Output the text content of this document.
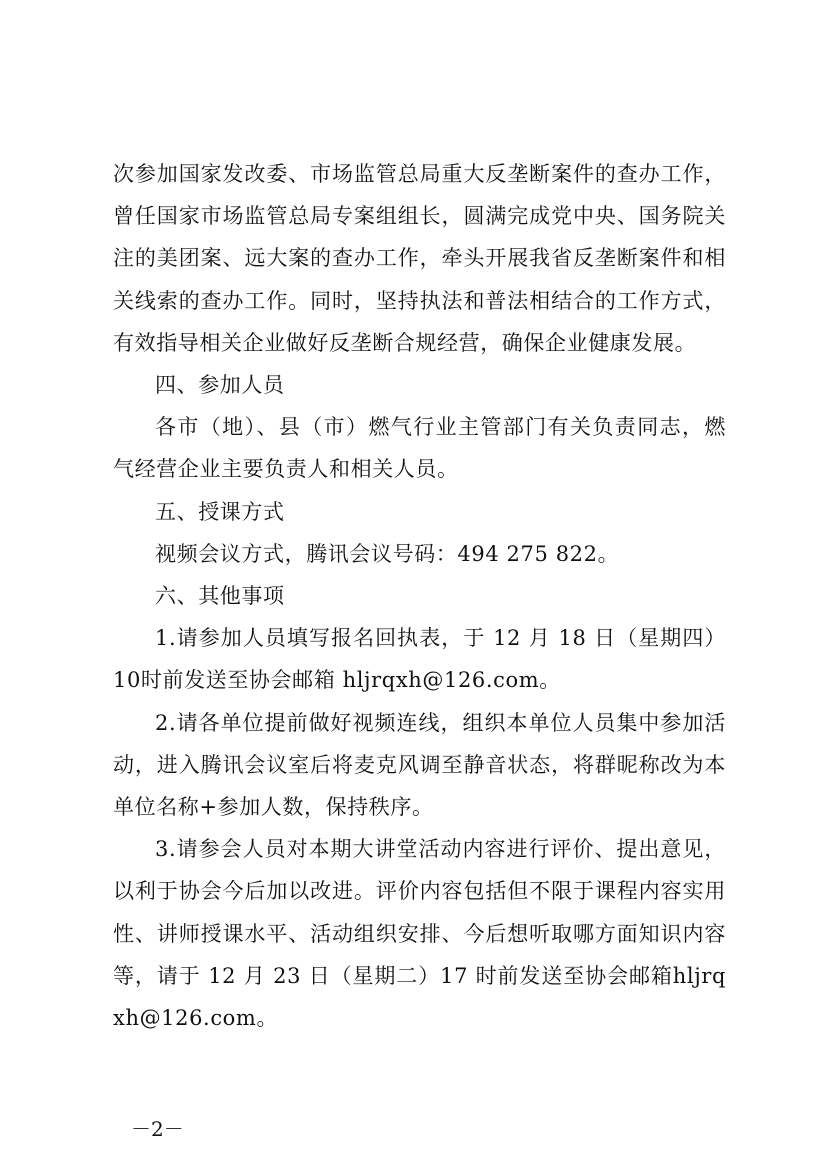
次参加国家发改委、市场监管总局重大反垄断案件的查办工作，曾任国家市场监管总局专案组组长，圆满完成党中央、国务院关注的美团案、远大案的查办工作，牵头开展我省反垄断案件和相关线索的查办工作。同时，坚持执法和普法相结合的工作方式，有效指导相关企业做好反垄断合规经营，确保企业健康发展。

四、参加人员

各市（地）、县（市）燃气行业主管部门有关负责同志，燃气经营企业主要负责人和相关人员。

五、授课方式

视频会议方式，腾讯会议号码：494 275 822。

六、其他事项

1.请参加人员填写报名回执表，于 12 月 18 日（星期四）10时前发送至协会邮箱 hljrqxh@126.com。

2.请各单位提前做好视频连线，组织本单位人员集中参加活动，进入腾讯会议室后将麦克风调至静音状态，将群昵称改为本单位名称+参加人数，保持秩序。

3.请参会人员对本期大讲堂活动内容进行评价、提出意见，以利于协会今后加以改进。评价内容包括但不限于课程内容实用性、讲师授课水平、活动组织安排、今后想听取哪方面知识内容等，请于 12 月 23 日（星期二）17 时前发送至协会邮箱hljrqxh@126.com。

－2－
